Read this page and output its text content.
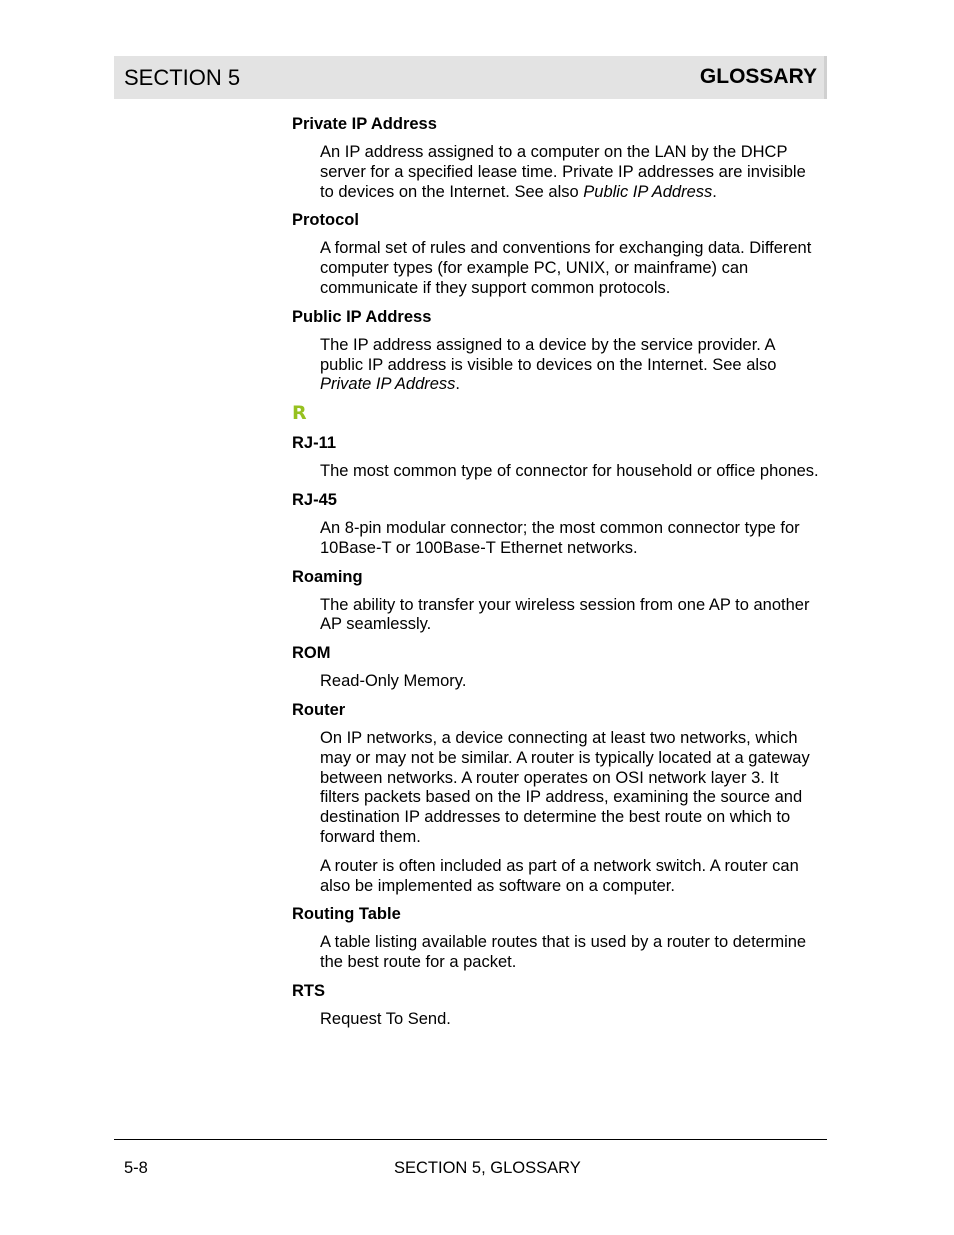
SECTION 5	GLOSSARY

Private IP Address

An IP address assigned to a computer on the LAN by the DHCP server for a specified lease time. Private IP addresses are invisible to devices on the Internet. See also Public IP Address.

Protocol

A formal set of rules and conventions for exchanging data. Different computer types (for example PC, UNIX, or mainframe) can communicate if they support common protocols.

Public IP Address

The IP address assigned to a device by the service provider. A public IP address is visible to devices on the Internet. See also Private IP Address.

R

RJ-11

The most common type of connector for household or office phones.

RJ-45

An 8-pin modular connector; the most common connector type for 10Base-T or 100Base-T Ethernet networks.

Roaming

The ability to transfer your wireless session from one AP to another AP seamlessly.

ROM

Read-Only Memory.

Router

On IP networks, a device connecting at least two networks, which may or may not be similar. A router is typically located at a gateway between networks. A router operates on OSI network layer 3. It filters packets based on the IP address, examining the source and destination IP addresses to determine the best route on which to forward them.

A router is often included as part of a network switch. A router can also be implemented as software on a computer.

Routing Table

A table listing available routes that is used by a router to determine the best route for a packet.

RTS

Request To Send.

5-8	SECTION 5, GLOSSARY
